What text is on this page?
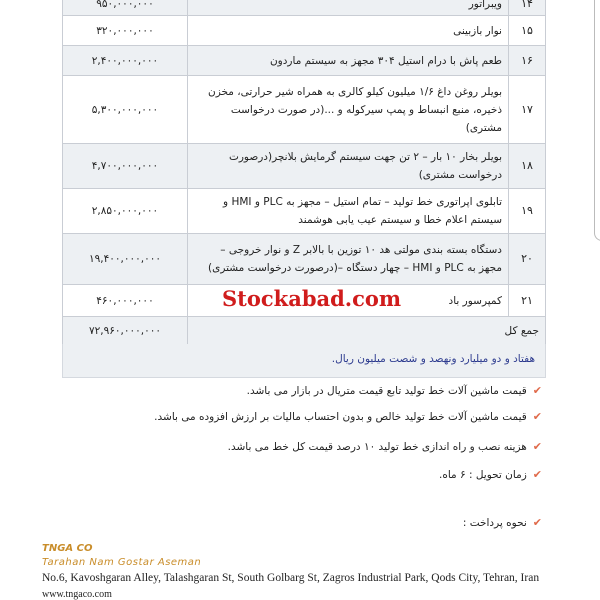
۹۵۰,۰۰۰,۰۰۰	ویبراتور	۱۴
۳۲۰,۰۰۰,۰۰۰	نوار بازبینی	۱۵
۲,۴۰۰,۰۰۰,۰۰۰	طعم پاش با درام استیل ۳۰۴ مجهز به سیستم ماردون	۱۶
۵,۳۰۰,۰۰۰,۰۰۰	بویلر روغن داغ ۱/۶ میلیون کیلو کالری به همراه شیر حرارتی، مخزن ذخیره، منبع انبساط و پمپ سیرکوله و ...(در صورت درخواست مشتری)	۱۷
۴,۷۰۰,۰۰۰,۰۰۰	بویلر بخار ۱۰ بار – ۲ تن جهت سیستم گرمایش بلانچر(درصورت درخواست مشتری)	۱۸
۲,۸۵۰,۰۰۰,۰۰۰	تابلوی اپراتوری خط تولید – تمام استیل – مجهز به PLC و HMI و سیستم اعلام خطا و سیستم عیب یابی هوشمند	۱۹
۱۹,۴۰۰,۰۰۰,۰۰۰	دستگاه بسته بندی مولتی هد ۱۰ توزین با بالابر Z و نوار خروجی – مجهز به PLC و HMI – چهار دستگاه –(درصورت درخواست مشتری)	۲۰
۴۶۰,۰۰۰,۰۰۰	کمپرسور باد	۲۱
۷۲,۹۶۰,۰۰۰,۰۰۰	جمع کل	
هفتاد و دو میلیارد ونهصد و شصت میلیون ریال.
Stockabad.com
✔قیمت ماشین آلات خط تولید تابع قیمت متریال در بازار می باشد.
✔قیمت ماشین آلات خط تولید خالص و بدون احتساب مالیات بر ارزش افزوده می باشد.
✔هزینه نصب و راه اندازی خط تولید ۱۰ درصد قیمت کل خط می باشد.
✔زمان تحویل : ۶ ماه.
✔نحوه پرداخت :
TNGA CO
Tarahan Nam Gostar Aseman
No.6, Kavoshgaran Alley, Talashgaran St, South Golbarg St, Zagros Industrial Park, Qods City, Tehran, Iran
www.tngaco.com
